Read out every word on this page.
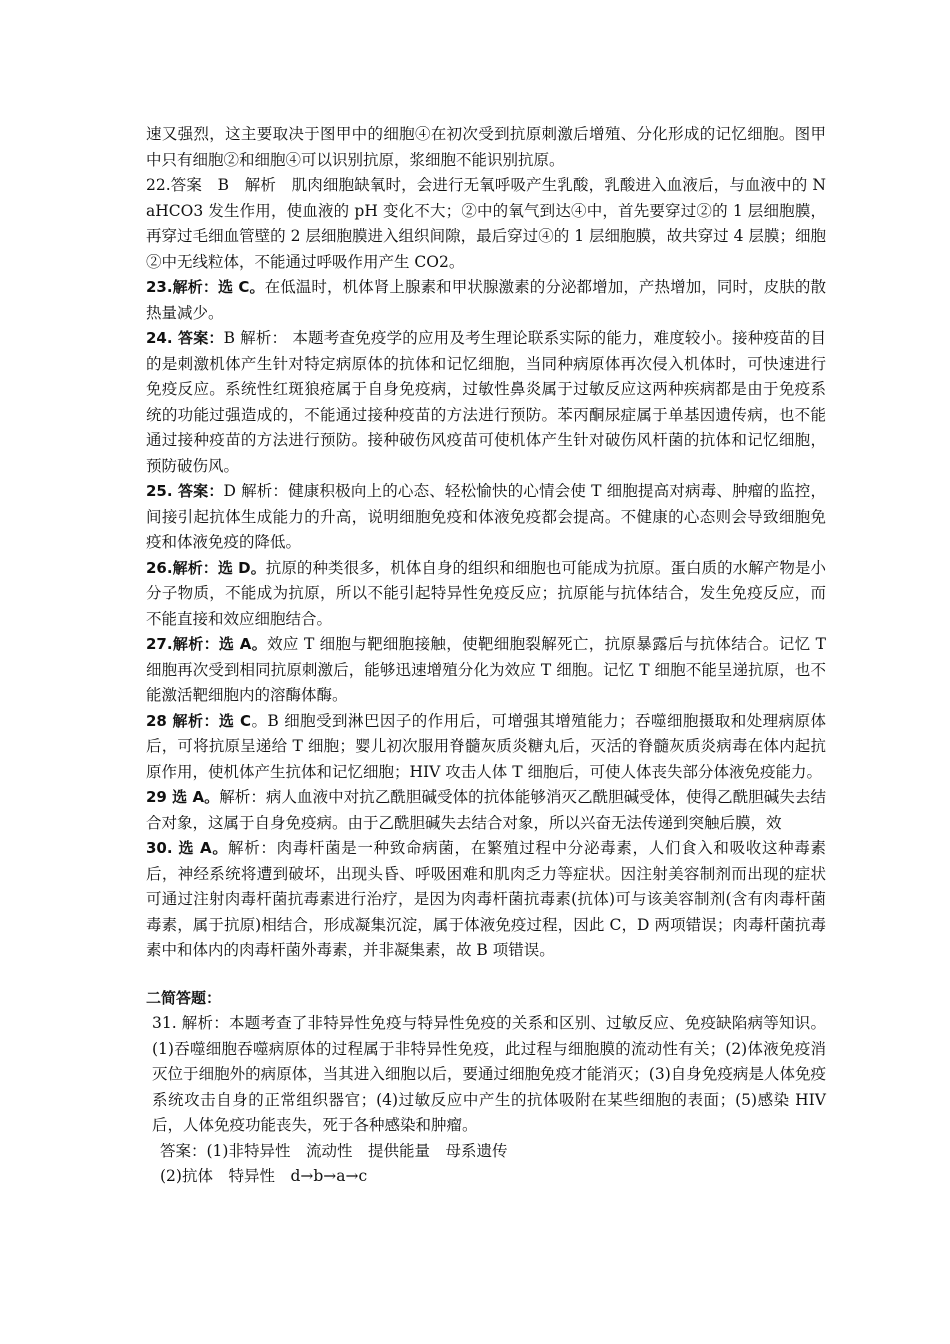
速又强烈，这主要取决于图甲中的细胞④在初次受到抗原刺激后增殖、分化形成的记忆细胞。图甲中只有细胞②和细胞④可以识别抗原，浆细胞不能识别抗原。

22.答案　B　解析　肌肉细胞缺氧时，会进行无氧呼吸产生乳酸，乳酸进入血液后，与血液中的 NaHCO3 发生作用，使血液的 pH 变化不大；②中的氧气到达④中，首先要穿过②的 1 层细胞膜，再穿过毛细血管壁的 2 层细胞膜进入组织间隙，最后穿过④的 1 层细胞膜，故共穿过 4 层膜；细胞②中无线粒体，不能通过呼吸作用产生 CO2。

23.解析：选 C。在低温时，机体肾上腺素和甲状腺激素的分泌都增加，产热增加，同时，皮肤的散热量减少。

24. 答案：B 解析： 本题考查免疫学的应用及考生理论联系实际的能力，难度较小。接种疫苗的目的是刺激机体产生针对特定病原体的抗体和记忆细胞，当同种病原体再次侵入机体时，可快速进行免疫反应。系统性红斑狼疮属于自身免疫病，过敏性鼻炎属于过敏反应这两种疾病都是由于免疫系统的功能过强造成的，不能通过接种疫苗的方法进行预防。苯丙酮尿症属于单基因遗传病，也不能通过接种疫苗的方法进行预防。接种破伤风疫苗可使机体产生针对破伤风杆菌的抗体和记忆细胞，预防破伤风。

25. 答案：D 解析：健康积极向上的心态、轻松愉快的心情会使 T 细胞提高对病毒、肿瘤的监控，间接引起抗体生成能力的升高，说明细胞免疫和体液免疫都会提高。不健康的心态则会导致细胞免疫和体液免疫的降低。

26.解析：选 D。抗原的种类很多，机体自身的组织和细胞也可能成为抗原。蛋白质的水解产物是小分子物质，不能成为抗原，所以不能引起特异性免疫反应；抗原能与抗体结合，发生免疫反应，而不能直接和效应细胞结合。

27.解析：选 A。效应 T 细胞与靶细胞接触，使靶细胞裂解死亡，抗原暴露后与抗体结合。记忆 T 细胞再次受到相同抗原刺激后，能够迅速增殖分化为效应 T 细胞。记忆 T 细胞不能呈递抗原，也不能激活靶细胞内的溶酶体酶。

28 解析：选 C。B 细胞受到淋巴因子的作用后，可增强其增殖能力；吞噬细胞摄取和处理病原体后，可将抗原呈递给 T 细胞；婴儿初次服用脊髓灰质炎糖丸后，灭活的脊髓灰质炎病毒在体内起抗原作用，使机体产生抗体和记忆细胞；HIV 攻击人体 T 细胞后，可使人体丧失部分体液免疫能力。

29 选 A。解析：病人血液中对抗乙酰胆碱受体的抗体能够消灭乙酰胆碱受体，使得乙酰胆碱失去结合对象，这属于自身免疫病。由于乙酰胆碱失去结合对象，所以兴奋无法传递到突触后膜，效

30. 选 A。解析：肉毒杆菌是一种致命病菌，在繁殖过程中分泌毒素，人们食入和吸收这种毒素后，神经系统将遭到破坏，出现头昏、呼吸困难和肌肉乏力等症状。因注射美容制剂而出现的症状可通过注射肉毒杆菌抗毒素进行治疗，是因为肉毒杆菌抗毒素(抗体)可与该美容制剂(含有肉毒杆菌毒素，属于抗原)相结合，形成凝集沉淀，属于体液免疫过程，因此 C，D 两项错误；肉毒杆菌抗毒素中和体内的肉毒杆菌外毒素，并非凝集素，故 B 项错误。

二简答题：

31. 解析：本题考查了非特异性免疫与特异性免疫的关系和区别、过敏反应、免疫缺陷病等知识。(1)吞噬细胞吞噬病原体的过程属于非特异性免疫，此过程与细胞膜的流动性有关；(2)体液免疫消灭位于细胞外的病原体，当其进入细胞以后，要通过细胞免疫才能消灭；(3)自身免疫病是人体免疫系统攻击自身的正常组织器官；(4)过敏反应中产生的抗体吸附在某些细胞的表面；(5)感染 HIV 后，人体免疫功能丧失，死于各种感染和肿瘤。

答案：(1)非特异性　流动性　提供能量　母系遗传

(2)抗体　特异性　d→b→a→c
